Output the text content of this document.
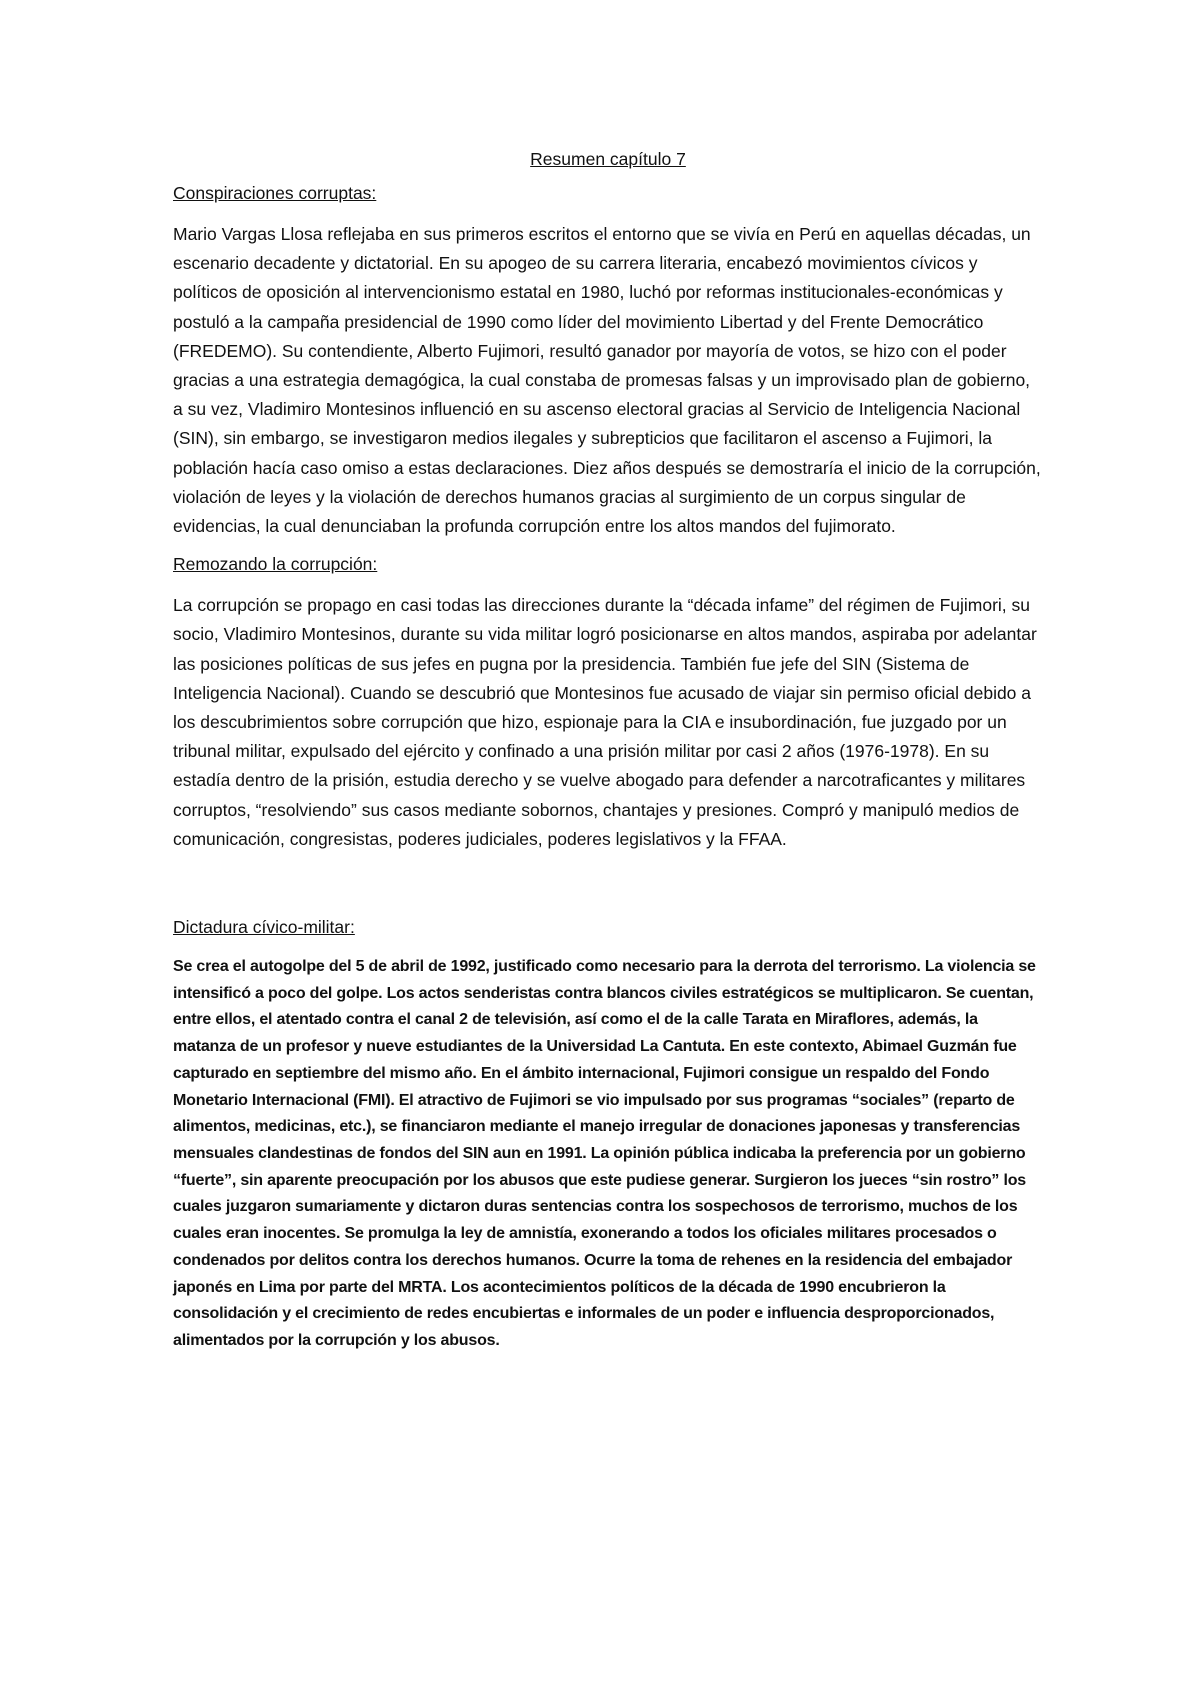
Resumen capítulo 7
Conspiraciones corruptas:

Mario Vargas Llosa reflejaba en sus primeros escritos el entorno que se vivía en Perú en aquellas décadas, un escenario decadente y dictatorial. En su apogeo de su carrera literaria, encabezó movimientos cívicos y políticos de oposición al intervencionismo estatal en 1980, luchó por reformas institucionales-económicas y postuló a la campaña presidencial de 1990 como líder del movimiento Libertad y del Frente Democrático (FREDEMO). Su contendiente, Alberto Fujimori, resultó ganador por mayoría de votos, se hizo con el poder gracias a una estrategia demagógica, la cual constaba de promesas falsas y un improvisado plan de gobierno, a su vez, Vladimiro Montesinos influenció en su ascenso electoral gracias al Servicio de Inteligencia Nacional (SIN), sin embargo, se investigaron medios ilegales y subrepticios que facilitaron el ascenso a Fujimori, la población hacía caso omiso a estas declaraciones. Diez años después se demostraría el inicio de la corrupción, violación de leyes y la violación de derechos humanos gracias al surgimiento de un corpus singular de evidencias, la cual denunciaban la profunda corrupción entre los altos mandos del fujimorato.

Remozando la corrupción:

La corrupción se propago en casi todas las direcciones durante la “década infame” del régimen de Fujimori, su socio, Vladimiro Montesinos, durante su vida militar logró posicionarse en altos mandos, aspiraba por adelantar las posiciones políticas de sus jefes en pugna por la presidencia. También fue jefe del SIN (Sistema de Inteligencia Nacional). Cuando se descubrió que Montesinos fue acusado de viajar sin permiso oficial debido a los descubrimientos sobre corrupción que hizo, espionaje para la CIA e insubordinación, fue juzgado por un tribunal militar, expulsado del ejército y confinado a una prisión militar por casi 2 años (1976-1978). En su estadía dentro de la prisión, estudia derecho y se vuelve abogado para defender a narcotraficantes y militares corruptos, “resolviendo” sus casos mediante sobornos, chantajes y presiones. Compró y manipuló medios de comunicación, congresistas, poderes judiciales, poderes legislativos y la FFAA.

Dictadura cívico-militar:

Se crea el autogolpe del 5 de abril de 1992, justificado como necesario para la derrota del terrorismo. La violencia se intensificó a poco del golpe. Los actos senderistas contra blancos civiles estratégicos se multiplicaron. Se cuentan, entre ellos, el atentado contra el canal 2 de televisión, así como el de la calle Tarata en Miraflores, además, la matanza de un profesor y nueve estudiantes de la Universidad La Cantuta. En este contexto, Abimael Guzmán fue capturado en septiembre del mismo año. En el ámbito internacional, Fujimori consigue un respaldo del Fondo Monetario Internacional (FMI). El atractivo de Fujimori se vio impulsado por sus programas “sociales” (reparto de alimentos, medicinas, etc.), se financiaron mediante el manejo irregular de donaciones japonesas y transferencias mensuales clandestinas de fondos del SIN aun en 1991. La opinión pública indicaba la preferencia por un gobierno “fuerte”, sin aparente preocupación por los abusos que este pudiese generar. Surgieron los jueces “sin rostro” los cuales juzgaron sumariamente y dictaron duras sentencias contra los sospechosos de terrorismo, muchos de los cuales eran inocentes. Se promulga la ley de amnistía, exonerando a todos los oficiales militares procesados o condenados por delitos contra los derechos humanos. Ocurre la toma de rehenes en la residencia del embajador japonés en Lima por parte del MRTA. Los acontecimientos políticos de la década de 1990 encubrieron la consolidación y el crecimiento de redes encubiertas e informales de un poder e influencia desproporcionados, alimentados por la corrupción y los abusos.
